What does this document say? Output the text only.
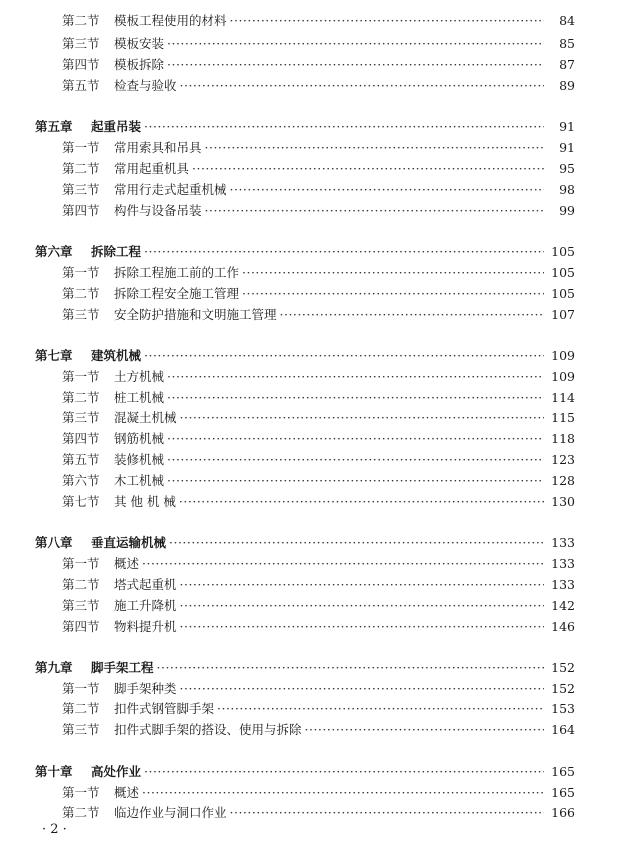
第二节	模板工程使用的材料 ·····	84
第三节	模板安装 ·····	85
第四节	模板拆除 ·····	87
第五节	检查与验收 ·····	89
第五章	起重吊装 ·····	91
第一节	常用索具和吊具 ·····	91
第二节	常用起重机具 ·····	95
第三节	常用行走式起重机械 ·····	98
第四节	构件与设备吊装 ·····	99
第六章	拆除工程 ·····	105
第一节	拆除工程施工前的工作 ·····	105
第二节	拆除工程安全施工管理 ·····	105
第三节	安全防护措施和文明施工管理 ·····	107
第七章	建筑机械 ·····	109
第一节	土方机械 ·····	109
第二节	桩工机械 ·····	114
第三节	混凝土机械 ·····	115
第四节	钢筋机械 ·····	118
第五节	装修机械 ·····	123
第六节	木工机械 ·····	128
第七节	其 他 机 械 ·····	130
第八章	垂直运输机械 ·····	133
第一节	概述 ·····	133
第二节	塔式起重机 ·····	133
第三节	施工升降机 ·····	142
第四节	物料提升机 ·····	146
第九章	脚手架工程 ·····	152
第一节	脚手架种类 ·····	152
第二节	扣件式钢管脚手架 ·····	153
第三节	扣件式脚手架的搭设、使用与拆除 ·····	164
第十章	高处作业 ·····	165
第一节	概述 ·····	165
第二节	临边作业与洞口作业 ·····	166
· 2 ·
